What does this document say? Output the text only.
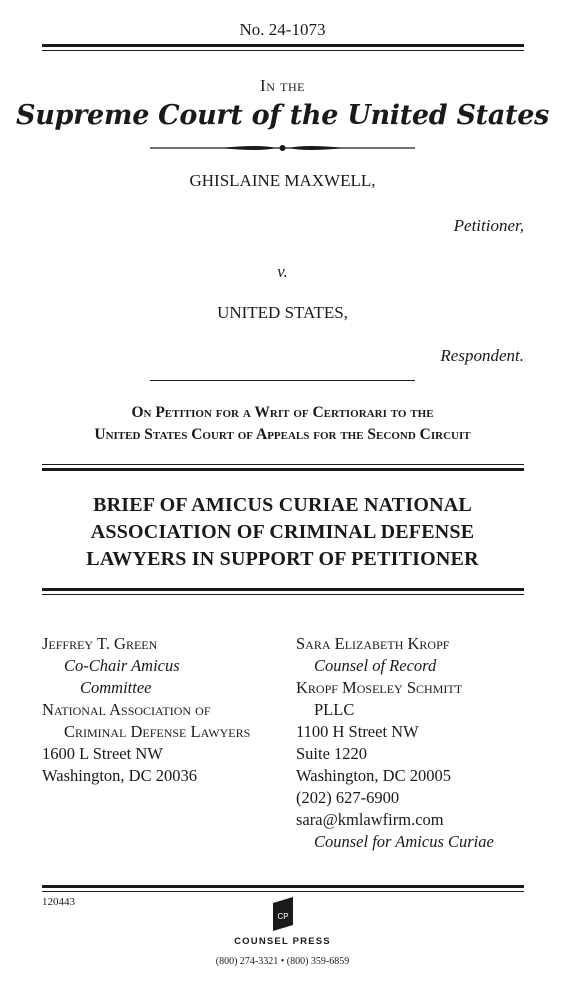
No. 24-1073
In the
Supreme Court of the United States
GHISLAINE MAXWELL,
Petitioner,
v.
UNITED STATES,
Respondent.
On Petition for a Writ of Certiorari to the
United States Court of Appeals for the Second Circuit
BRIEF OF AMICUS CURIAE NATIONAL
ASSOCIATION OF CRIMINAL DEFENSE
LAWYERS IN SUPPORT OF PETITIONER
Jeffrey T. Green
Co-Chair Amicus
Committee
National Association of
Criminal Defense Lawyers
1600 L Street NW
Washington, DC 20036
Sara Elizabeth Kropf
Counsel of Record
Kropf Moseley Schmitt
PLLC
1100 H Street NW
Suite 1220
Washington, DC 20005
(202) 627-6900
sara@kmlawfirm.com
Counsel for Amicus Curiae
120443
CP
COUNSEL PRESS
(800) 274-3321 • (800) 359-6859
